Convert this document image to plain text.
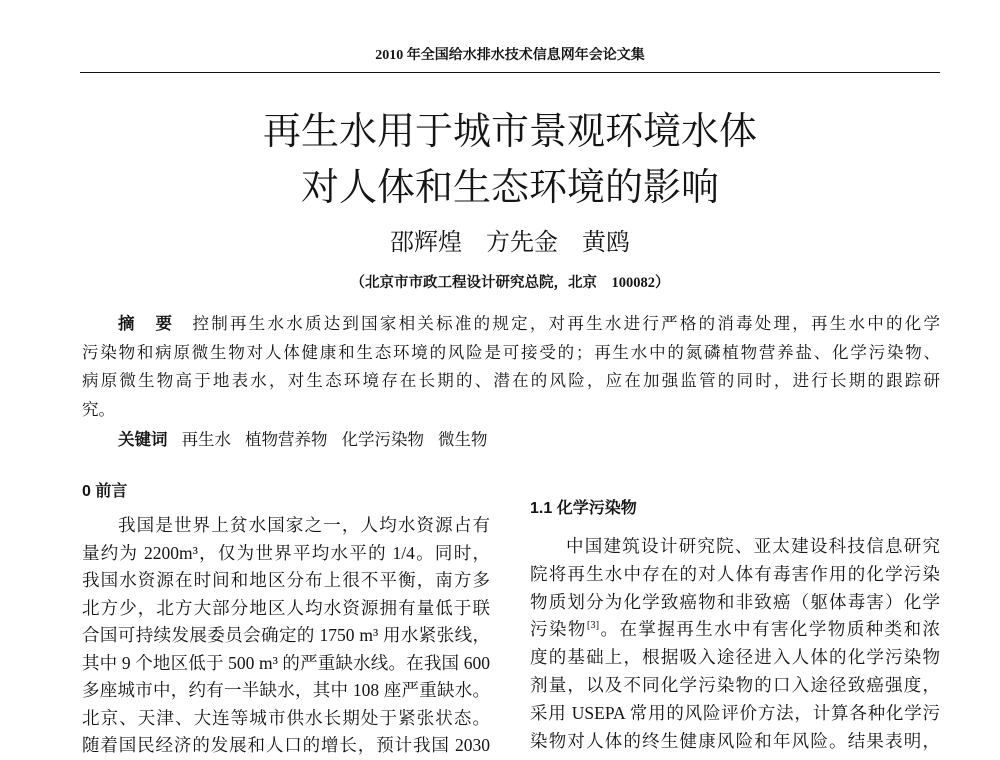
2010 年全国给水排水技术信息网年会论文集
再生水用于城市景观环境水体
对人体和生态环境的影响
邵辉煌　方先金　黄鸥
（北京市市政工程设计研究总院，北京　100082）
摘　要 控制再生水水质达到国家相关标准的规定，对再生水进行严格的消毒处理，再生水中的化学
污染物和病原微生物对人体健康和生态环境的风险是可接受的；再生水中的氮磷植物营养盐、化学污染物、
病原微生物高于地表水，对生态环境存在长期的、潜在的风险，应在加强监管的同时，进行长期的跟踪研
究。
关键词 再生水 植物营养物 化学污染物 微生物
0 前言
我国是世界上贫水国家之一，人均水资源占有
量约为 2200m³，仅为世界平均水平的 1/4。同时，
我国水资源在时间和地区分布上很不平衡，南方多
北方少，北方大部分地区人均水资源拥有量低于联
合国可持续发展委员会确定的 1750 m³ 用水紧张线，
其中 9 个地区低于 500 m³ 的严重缺水线。在我国 600
多座城市中，约有一半缺水，其中 108 座严重缺水。
北京、天津、大连等城市供水长期处于紧张状态。
随着国民经济的发展和人口的增长，预计我国 2030
1.1 化学污染物
中国建筑设计研究院、亚太建设科技信息研究
院将再生水中存在的对人体有毒害作用的化学污染
物质划分为化学致癌物和非致癌（躯体毒害）化学
污染物[3]。在掌握再生水中有害化学物质种类和浓
度的基础上，根据吸入途径进入人体的化学污染物
剂量，以及不同化学污染物的口入途径致癌强度，
采用 USEPA 常用的风险评价方法，计算各种化学污
染物对人体的终生健康风险和年风险。结果表明，
